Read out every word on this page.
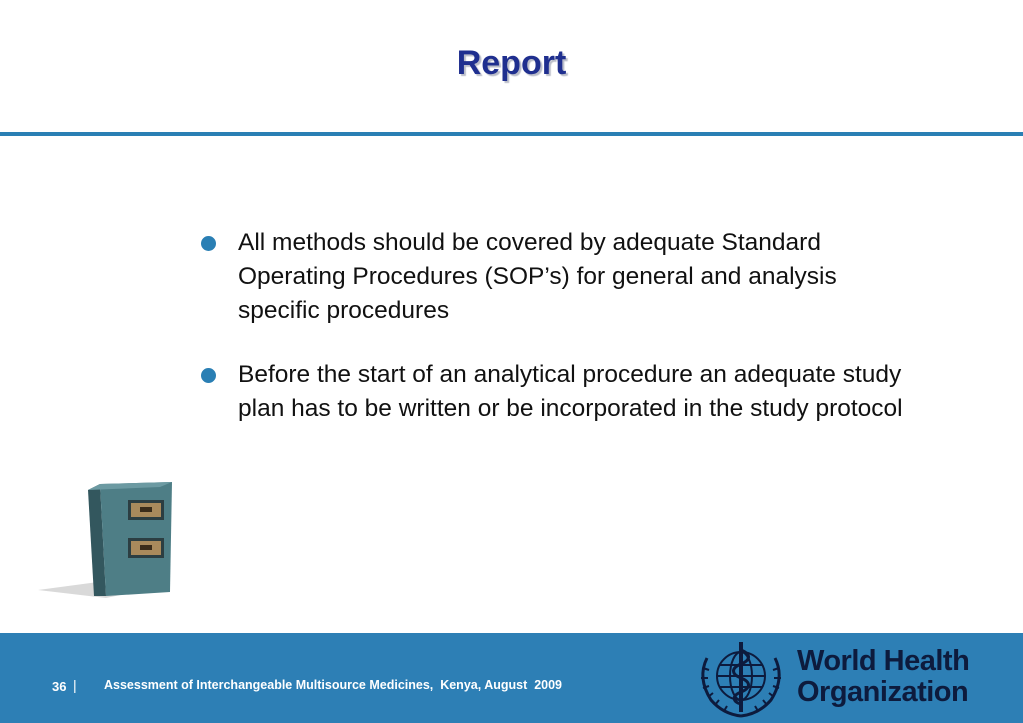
Report
All methods should be covered by adequate Standard Operating Procedures (SOP’s) for general and analysis specific procedures
Before the start of an analytical procedure an adequate study plan has to be written or be incorporated in the study protocol
36 | Assessment of Interchangeable Multisource Medicines,  Kenya, August  2009
World Health
Organization
